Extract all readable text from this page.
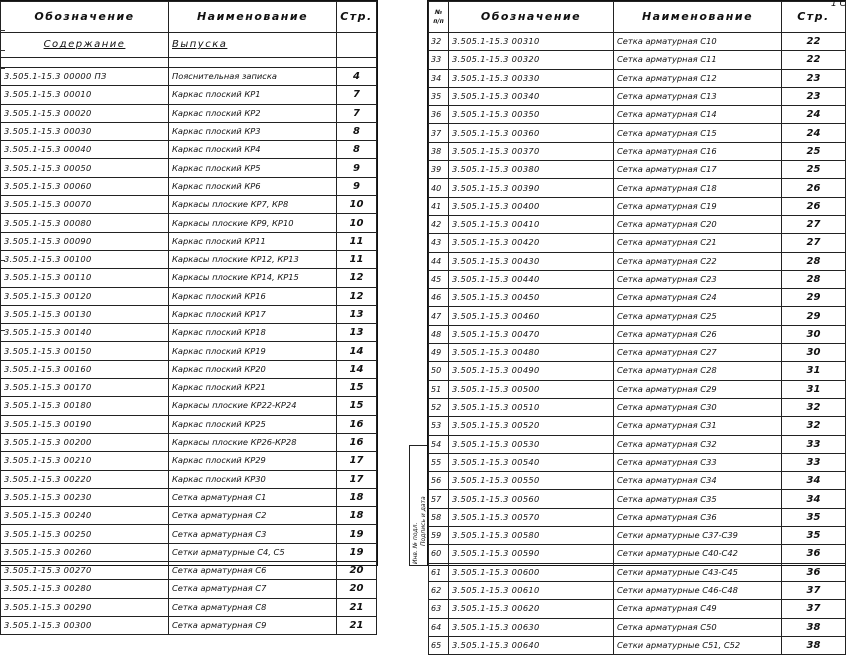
Обозначение	Наименование	Стр.
Содержание	Выпуска	

3.505.1-15.3 00000 ПЗ	Пояснительная записка	4
3.505.1-15.3 00010	Каркас плоский КР1	7
3.505.1-15.3 00020	Каркас плоский КР2	7
3.505.1-15.3 00030	Каркас плоский КР3	8
3.505.1-15.3 00040	Каркас плоский КР4	8
3.505.1-15.3 00050	Каркас плоский КР5	9
3.505.1-15.3 00060	Каркас плоский КР6	9
3.505.1-15.3 00070	Каркасы плоские КР7, КР8	10
3.505.1-15.3 00080	Каркасы плоские КР9, КР10	10
3.505.1-15.3 00090	Каркас плоский КР11	11
3.505.1-15.3 00100	Каркасы плоские КР12, КР13	11
3.505.1-15.3 00110	Каркасы плоские КР14, КР15	12
3.505.1-15.3 00120	Каркас плоский КР16	12
3.505.1-15.3 00130	Каркас плоский КР17	13
3.505.1-15.3 00140	Каркас плоский КР18	13
3.505.1-15.3 00150	Каркас плоский КР19	14
3.505.1-15.3 00160	Каркас плоский КР20	14
3.505.1-15.3 00170	Каркас плоский КР21	15
3.505.1-15.3 00180	Каркасы плоские КР22-КР24	15
3.505.1-15.3 00190	Каркас плоский КР25	16
3.505.1-15.3 00200	Каркасы плоские КР26-КР28	16
3.505.1-15.3 00210	Каркас плоский КР29	17
3.505.1-15.3 00220	Каркас плоский КР30	17
3.505.1-15.3 00230	Сетка арматурная С1	18
3.505.1-15.3 00240	Сетка арматурная С2	18
3.505.1-15.3 00250	Сетка арматурная С3	19
3.505.1-15.3 00260	Сетки арматурные С4, С5	19
3.505.1-15.3 00270	Сетка арматурная С6	20
3.505.1-15.3 00280	Сетка арматурная С7	20
3.505.1-15.3 00290	Сетка арматурная С8	21
3.505.1-15.3 00300	Сетка арматурная С9	21
Подпись и дата
Инв. № подл.
№ п/п	Обозначение	Наименование	Стр.
32	3.505.1-15.3 00310	Сетка арматурная С10	22
33	3.505.1-15.3 00320	Сетка арматурная С11	22
34	3.505.1-15.3 00330	Сетка арматурная С12	23
35	3.505.1-15.3 00340	Сетка арматурная С13	23
36	3.505.1-15.3 00350	Сетка арматурная С14	24
37	3.505.1-15.3 00360	Сетка арматурная С15	24
38	3.505.1-15.3 00370	Сетка арматурная С16	25
39	3.505.1-15.3 00380	Сетка арматурная С17	25
40	3.505.1-15.3 00390	Сетка арматурная С18	26
41	3.505.1-15.3 00400	Сетка арматурная С19	26
42	3.505.1-15.3 00410	Сетка арматурная С20	27
43	3.505.1-15.3 00420	Сетка арматурная С21	27
44	3.505.1-15.3 00430	Сетка арматурная С22	28
45	3.505.1-15.3 00440	Сетка арматурная С23	28
46	3.505.1-15.3 00450	Сетка арматурная С24	29
47	3.505.1-15.3 00460	Сетка арматурная С25	29
48	3.505.1-15.3 00470	Сетка арматурная С26	30
49	3.505.1-15.3 00480	Сетка арматурная С27	30
50	3.505.1-15.3 00490	Сетка арматурная С28	31
51	3.505.1-15.3 00500	Сетка арматурная С29	31
52	3.505.1-15.3 00510	Сетка арматурная С30	32
53	3.505.1-15.3 00520	Сетка арматурная С31	32
54	3.505.1-15.3 00530	Сетка арматурная С32	33
55	3.505.1-15.3 00540	Сетка арматурная С33	33
56	3.505.1-15.3 00550	Сетка арматурная С34	34
57	3.505.1-15.3 00560	Сетка арматурная С35	34
58	3.505.1-15.3 00570	Сетка арматурная С36	35
59	3.505.1-15.3 00580	Сетки арматурные С37-С39	35
60	3.505.1-15.3 00590	Сетки арматурные С40-С42	36
61	3.505.1-15.3 00600	Сетки арматурные С43-С45	36
62	3.505.1-15.3 00610	Сетки арматурные С46-С48	37
63	3.505.1-15.3 00620	Сетка арматурная С49	37
64	3.505.1-15.3 00630	Сетка арматурная С50	38
65	3.505.1-15.3 00640	Сетки арматурные С51, С52	38
1 С
